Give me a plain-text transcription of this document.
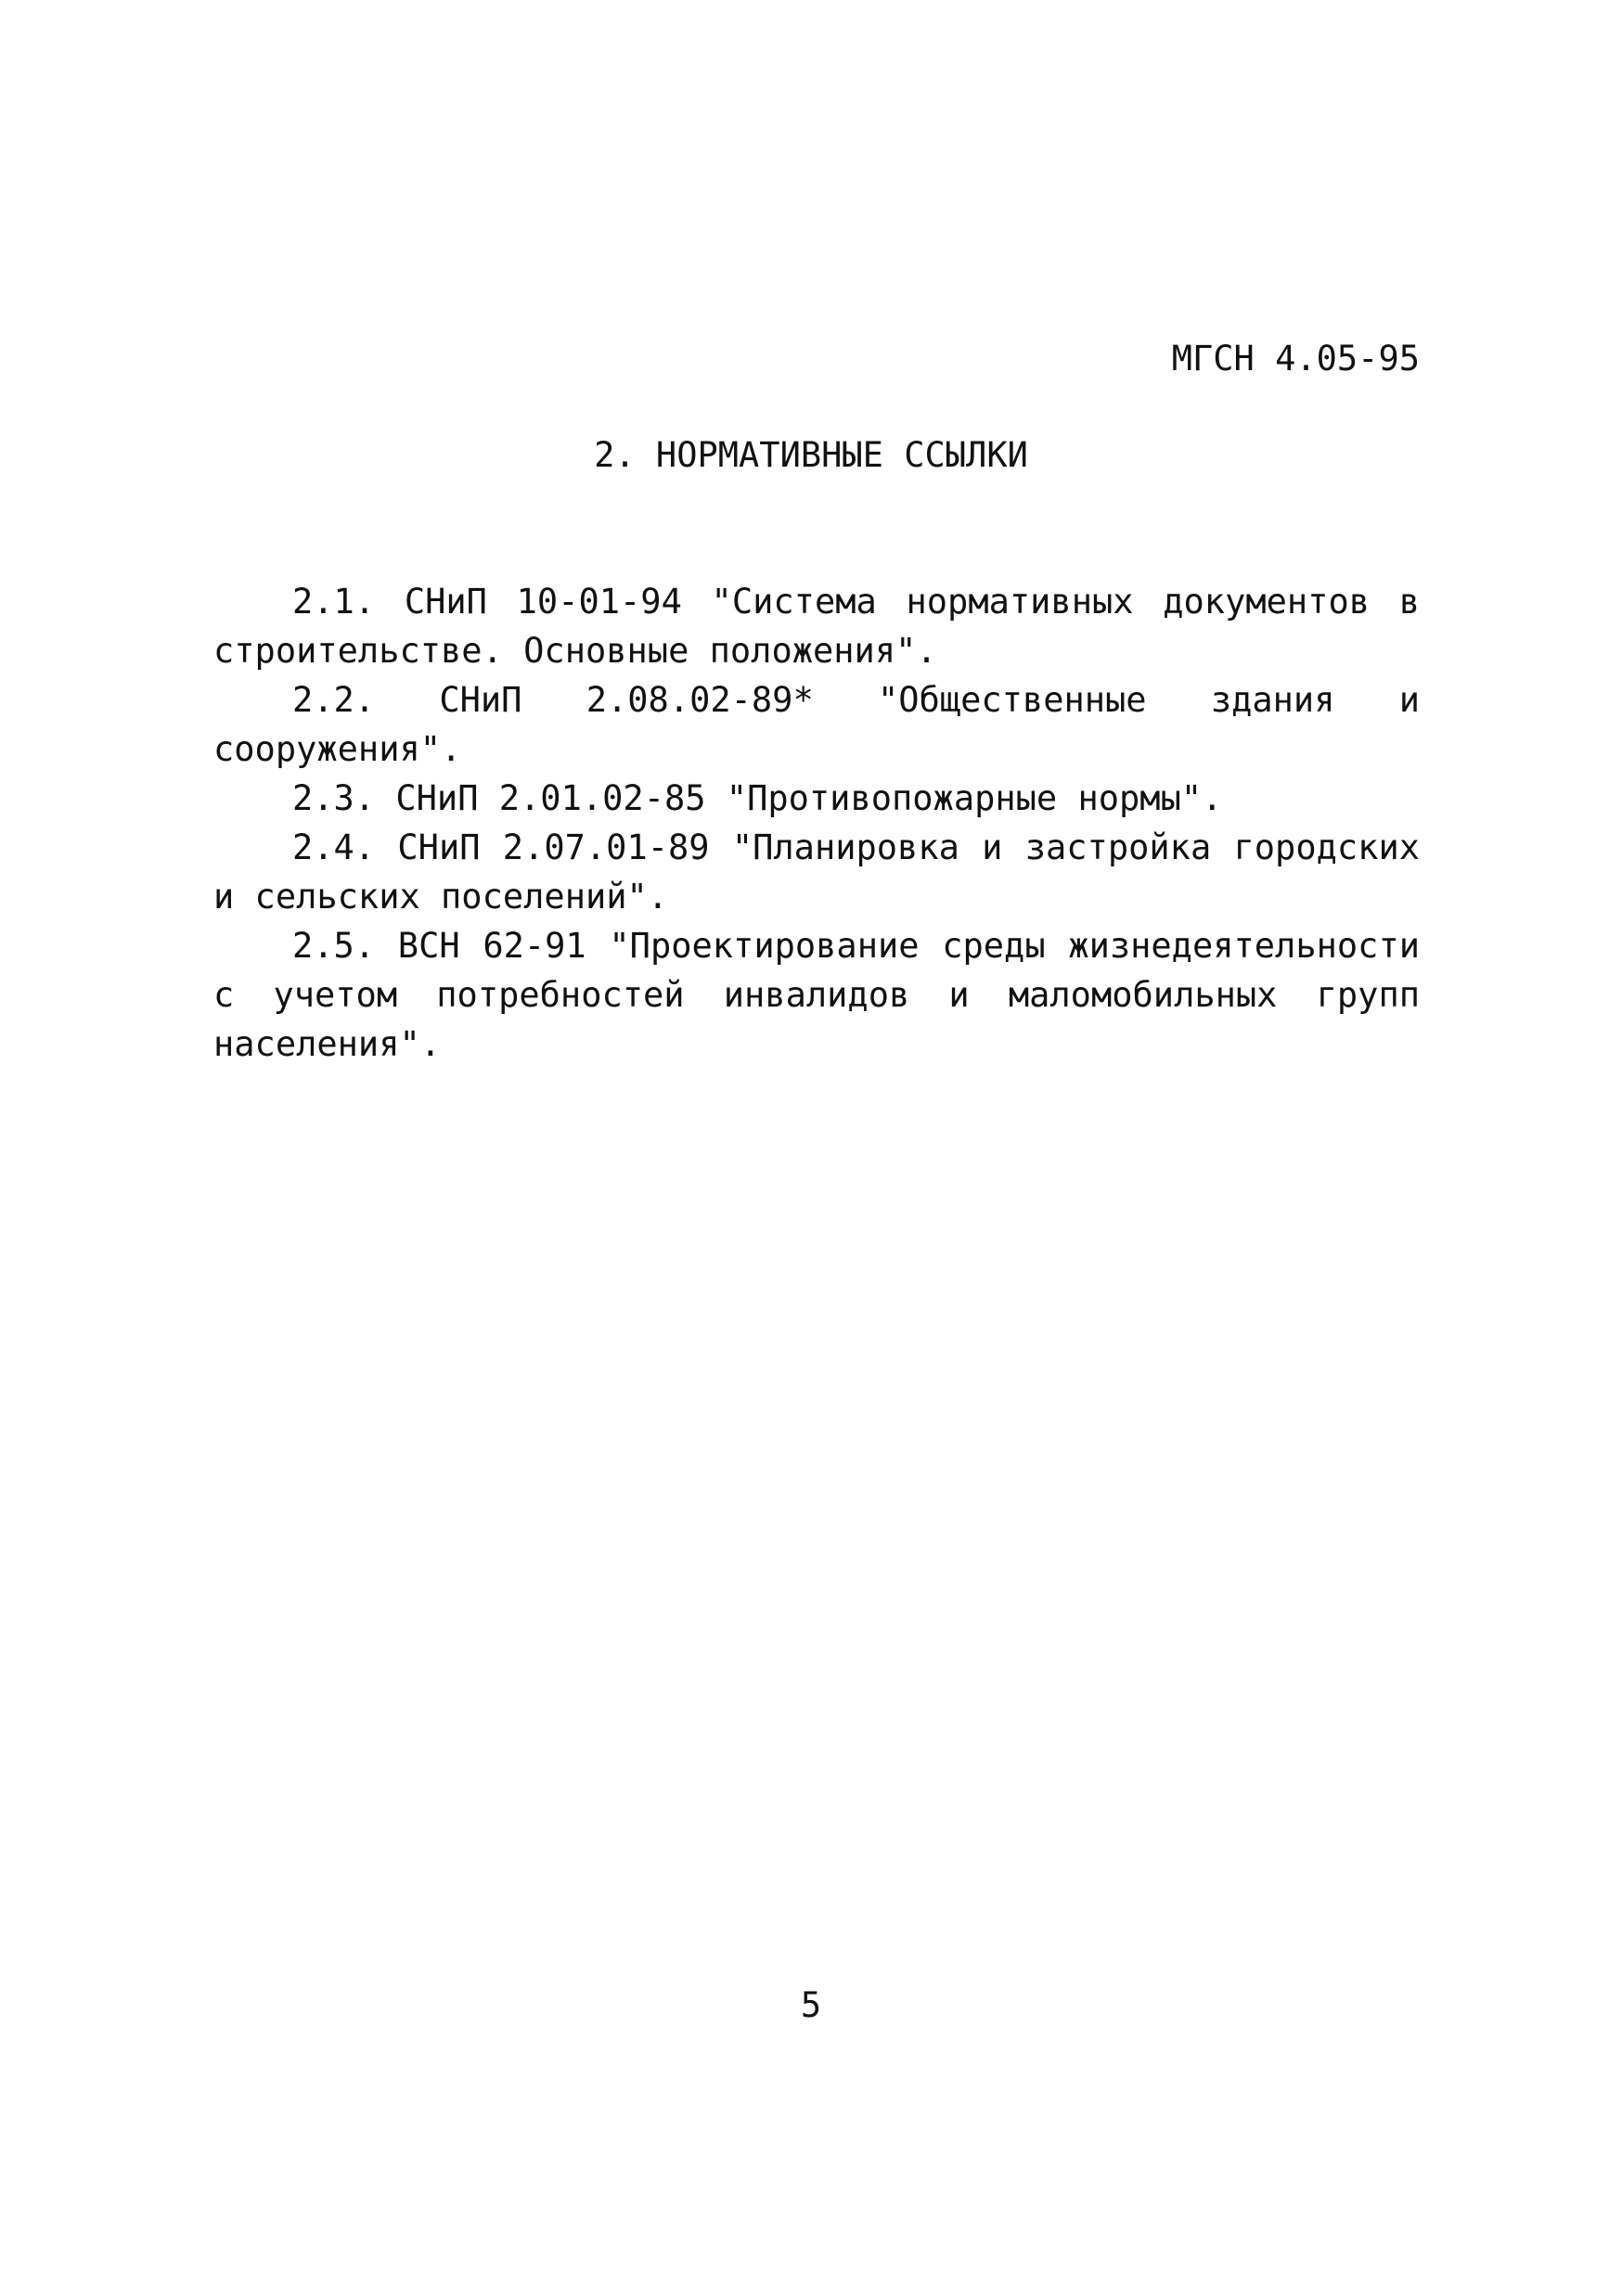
МГСН 4.05-95
2. НОРМАТИВНЫЕ ССЫЛКИ

2.1. СНиП 10-01-94 "Система нормативных документов в строительстве. Основные положения".

2.2. СНиП 2.08.02-89* "Общественные здания и сооружения".

2.3. СНиП 2.01.02-85 "Противопожарные нормы".

2.4. СНиП 2.07.01-89 "Планировка и застройка городских и сельских поселений".

2.5. ВСН 62-91 "Проектирование среды жизнедеятельности с учетом потребностей инвалидов и маломобильных групп населения".

5
